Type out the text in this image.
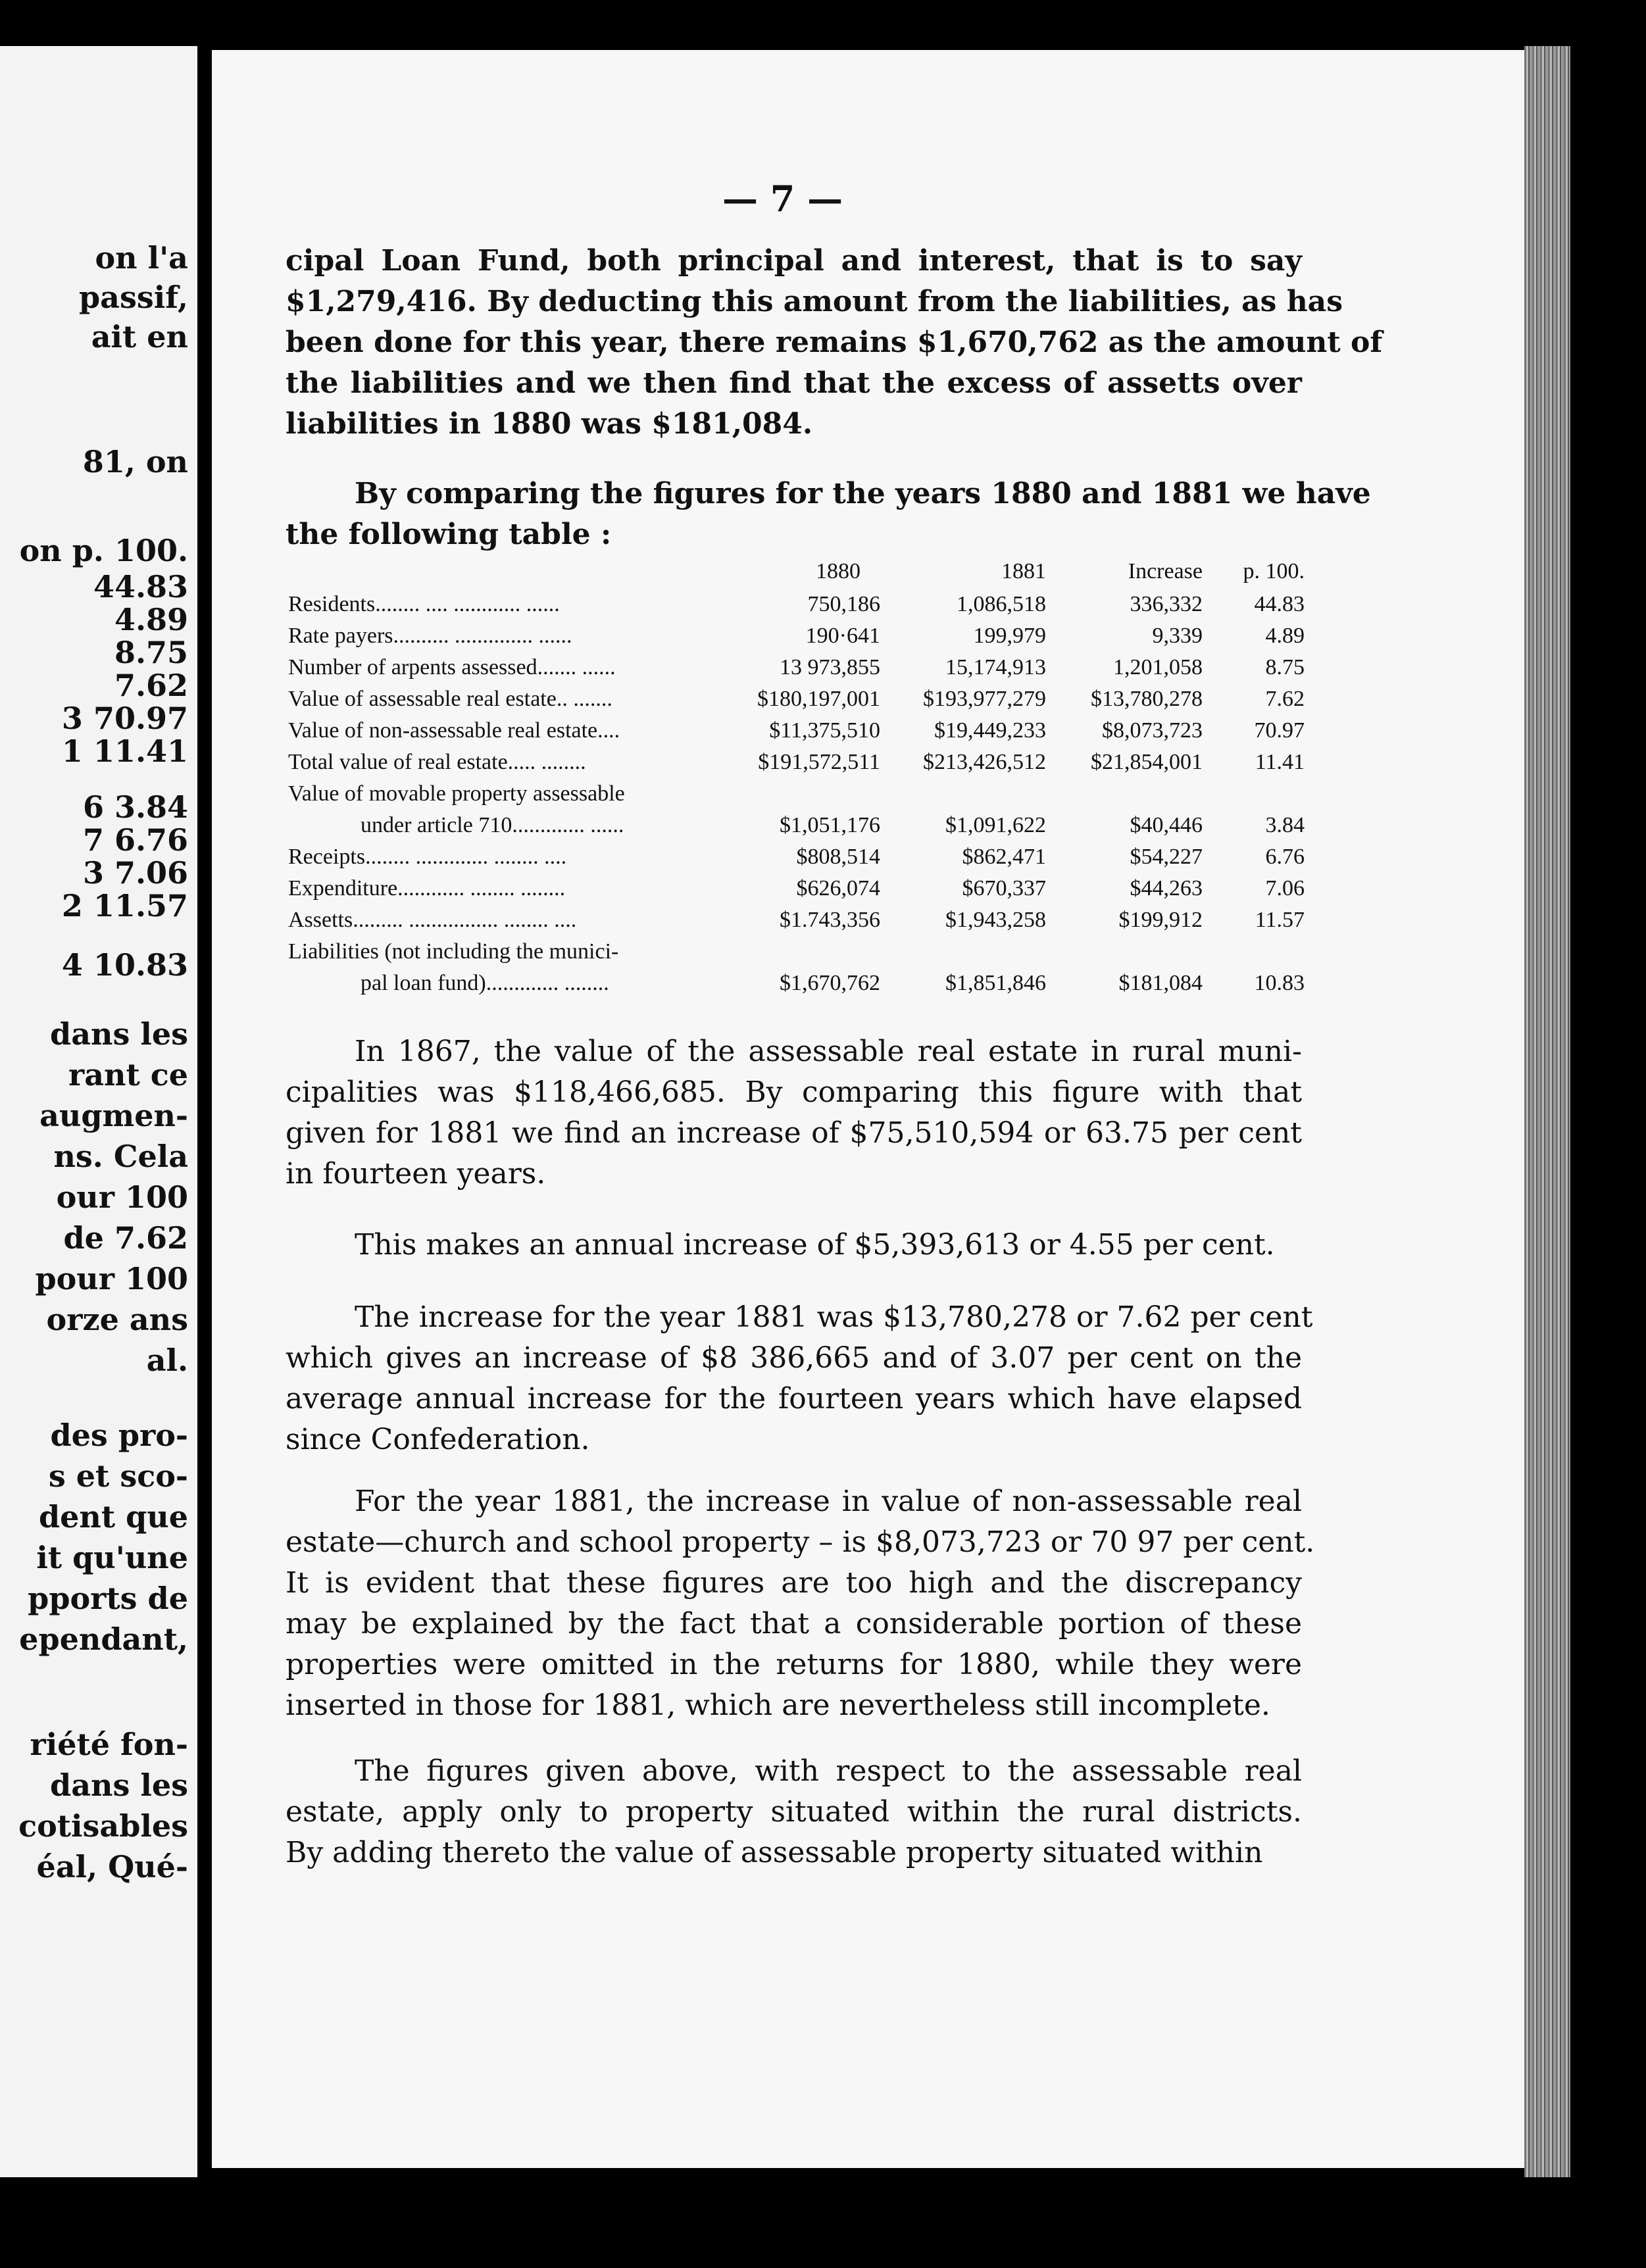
on l'a
passif,
ait en
81, on
on p. 100.
44.83
4.89
8.75
7.62
3 70.97
1 11.41
6 3.84
7 6.76
3 7.06
2 11.57
4 10.83
dans les
rant ce
augmen-
ns. Cela
our 100
de 7.62
pour 100
orze ans
al.
des pro-
s et sco-
dent que
it qu'une
pports de
ependant,
riété fon-
dans les
cotisables
éal, Qué-
— 7 —
cipal Loan Fund, both principal and interest, that is to say
$1,279,416. By deducting this amount from the liabilities, as has
been done for this year, there remains $1,670,762 as the amount of
the liabilities and we then find that the excess of assetts over
liabilities in 1880 was $181,084.
By comparing the figures for the years 1880 and 1881 we have
the following table :
1880	1881	Increase p. 100.
Residents........ .... ............ ......	750,186	1,086,518	336,332 44.83
Rate payers.......... .............. ......	190·641	199,979	9,339	4.89
Number of arpents assessed....... ......	13 973,855	15,174,913	1,201,058	8.75
Value of assessable real estate.. .......	$180,197,001 $193,977,279 $13,780,278	7.62
Value of non-assessable real estate....	$11,375,510 $19,449,233	$8,073,723 70.97
Total value of real estate..... ........	$191,572,511 $213,426,512 $21,854,001 11.41
Value of movable property assessable
under article 710............. ......	$1,051,176	$1,091,622	$40,446	3.84
Receipts........ ............. ........ ....	$808,514	$862,471	$54,227	6.76
Expenditure............ ........ ........	$626,074	$670,337	$44,263	7.06
Assetts......... ................ ........ ....	$1.743,356	$1,943,258	$199,912 11.57
Liabilities (not including the munici-
pal loan fund)............. ........	$1,670,762	$1,851,846	$181,084 10.83
In 1867, the value of the assessable real estate in rural muni-
cipalities was $118,466,685. By comparing this figure with that
given for 1881 we find an increase of $75,510,594 or 63.75 per cent
in fourteen years.
This makes an annual increase of $5,393,613 or 4.55 per cent.
The increase for the year 1881 was $13,780,278 or 7.62 per cent
which gives an increase of $8 386,665 and of 3.07 per cent on the
average annual increase for the fourteen years which have elapsed
since Confederation.
For the year 1881, the increase in value of non-assessable real
estate—church and school property – is $8,073,723 or 70 97 per cent.
It is evident that these figures are too high and the discrepancy
may be explained by the fact that a considerable portion of these
properties were omitted in the returns for 1880, while they were
inserted in those for 1881, which are nevertheless still incomplete.
The figures given above, with respect to the assessable real
estate, apply only to property situated within the rural districts.
By adding thereto the value of assessable property situated within
